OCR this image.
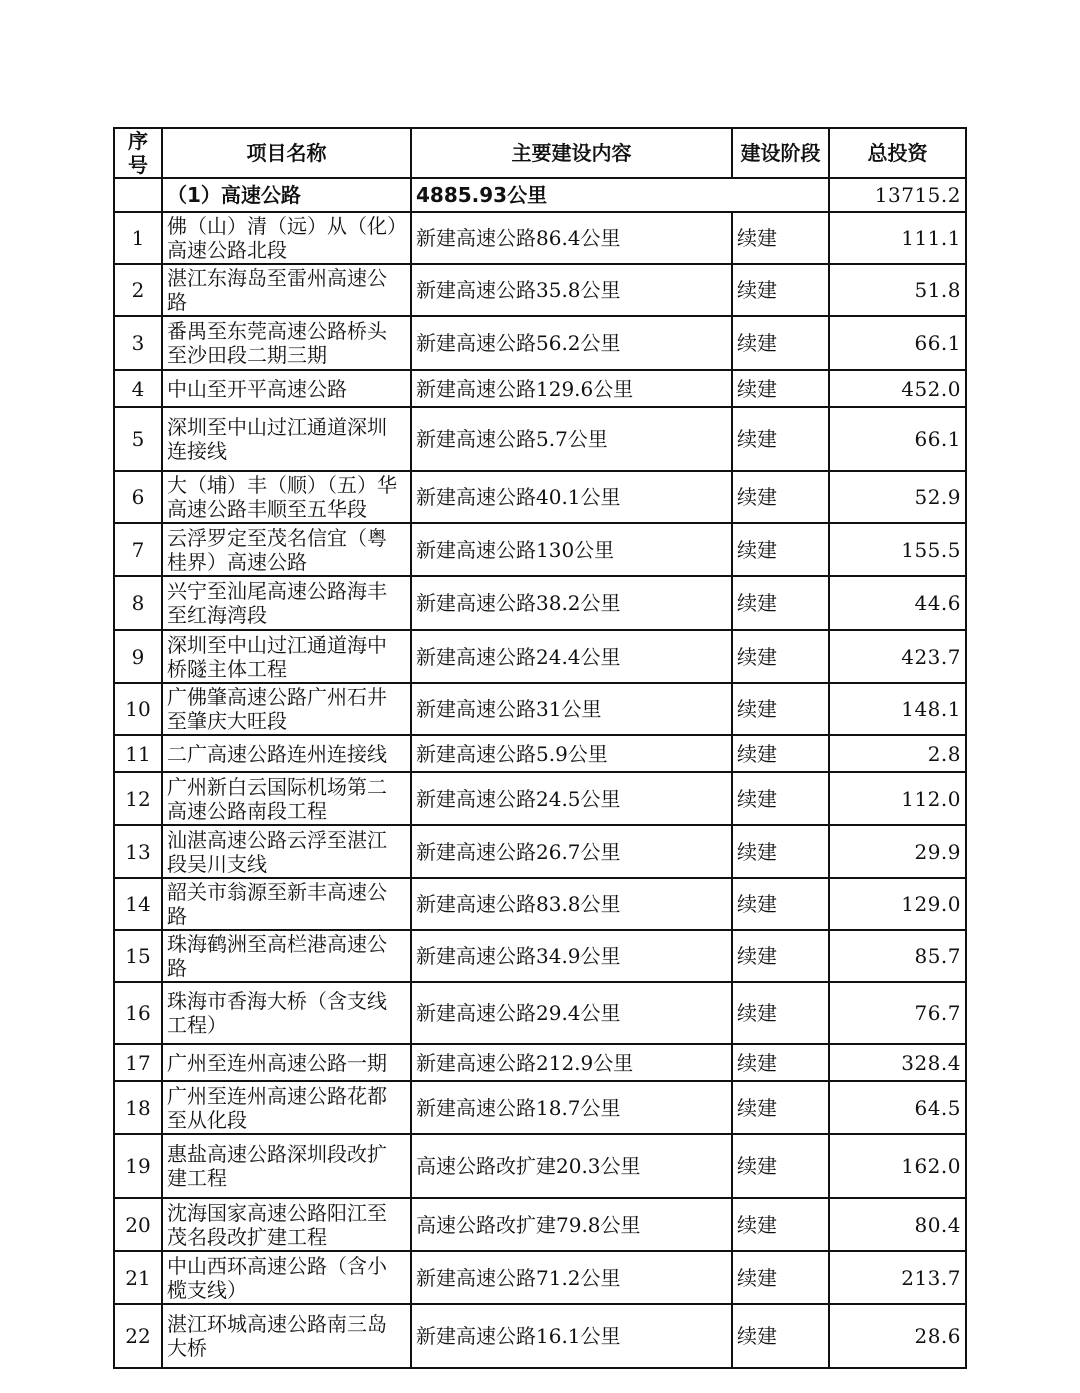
序号	项目名称	主要建设内容	建设阶段	总投资
	（1）高速公路	4885.93公里		13715.2
1	佛（山）清（远）从（化）高速公路北段	新建高速公路86.4公里	续建	111.1
2	湛江东海岛至雷州高速公路	新建高速公路35.8公里	续建	51.8
3	番禺至东莞高速公路桥头至沙田段二期三期	新建高速公路56.2公里	续建	66.1
4	中山至开平高速公路	新建高速公路129.6公里	续建	452.0
5	深圳至中山过江通道深圳连接线	新建高速公路5.7公里	续建	66.1
6	大（埔）丰（顺）（五）华高速公路丰顺至五华段	新建高速公路40.1公里	续建	52.9
7	云浮罗定至茂名信宜（粤桂界）高速公路	新建高速公路130公里	续建	155.5
8	兴宁至汕尾高速公路海丰至红海湾段	新建高速公路38.2公里	续建	44.6
9	深圳至中山过江通道海中桥隧主体工程	新建高速公路24.4公里	续建	423.7
10	广佛肇高速公路广州石井至肇庆大旺段	新建高速公路31公里	续建	148.1
11	二广高速公路连州连接线	新建高速公路5.9公里	续建	2.8
12	广州新白云国际机场第二高速公路南段工程	新建高速公路24.5公里	续建	112.0
13	汕湛高速公路云浮至湛江段吴川支线	新建高速公路26.7公里	续建	29.9
14	韶关市翁源至新丰高速公路	新建高速公路83.8公里	续建	129.0
15	珠海鹤洲至高栏港高速公路	新建高速公路34.9公里	续建	85.7
16	珠海市香海大桥（含支线工程）	新建高速公路29.4公里	续建	76.7
17	广州至连州高速公路一期	新建高速公路212.9公里	续建	328.4
18	广州至连州高速公路花都至从化段	新建高速公路18.7公里	续建	64.5
19	惠盐高速公路深圳段改扩建工程	高速公路改扩建20.3公里	续建	162.0
20	沈海国家高速公路阳江至茂名段改扩建工程	高速公路改扩建79.8公里	续建	80.4
21	中山西环高速公路（含小榄支线）	新建高速公路71.2公里	续建	213.7
22	湛江环城高速公路南三岛大桥	新建高速公路16.1公里	续建	28.6
